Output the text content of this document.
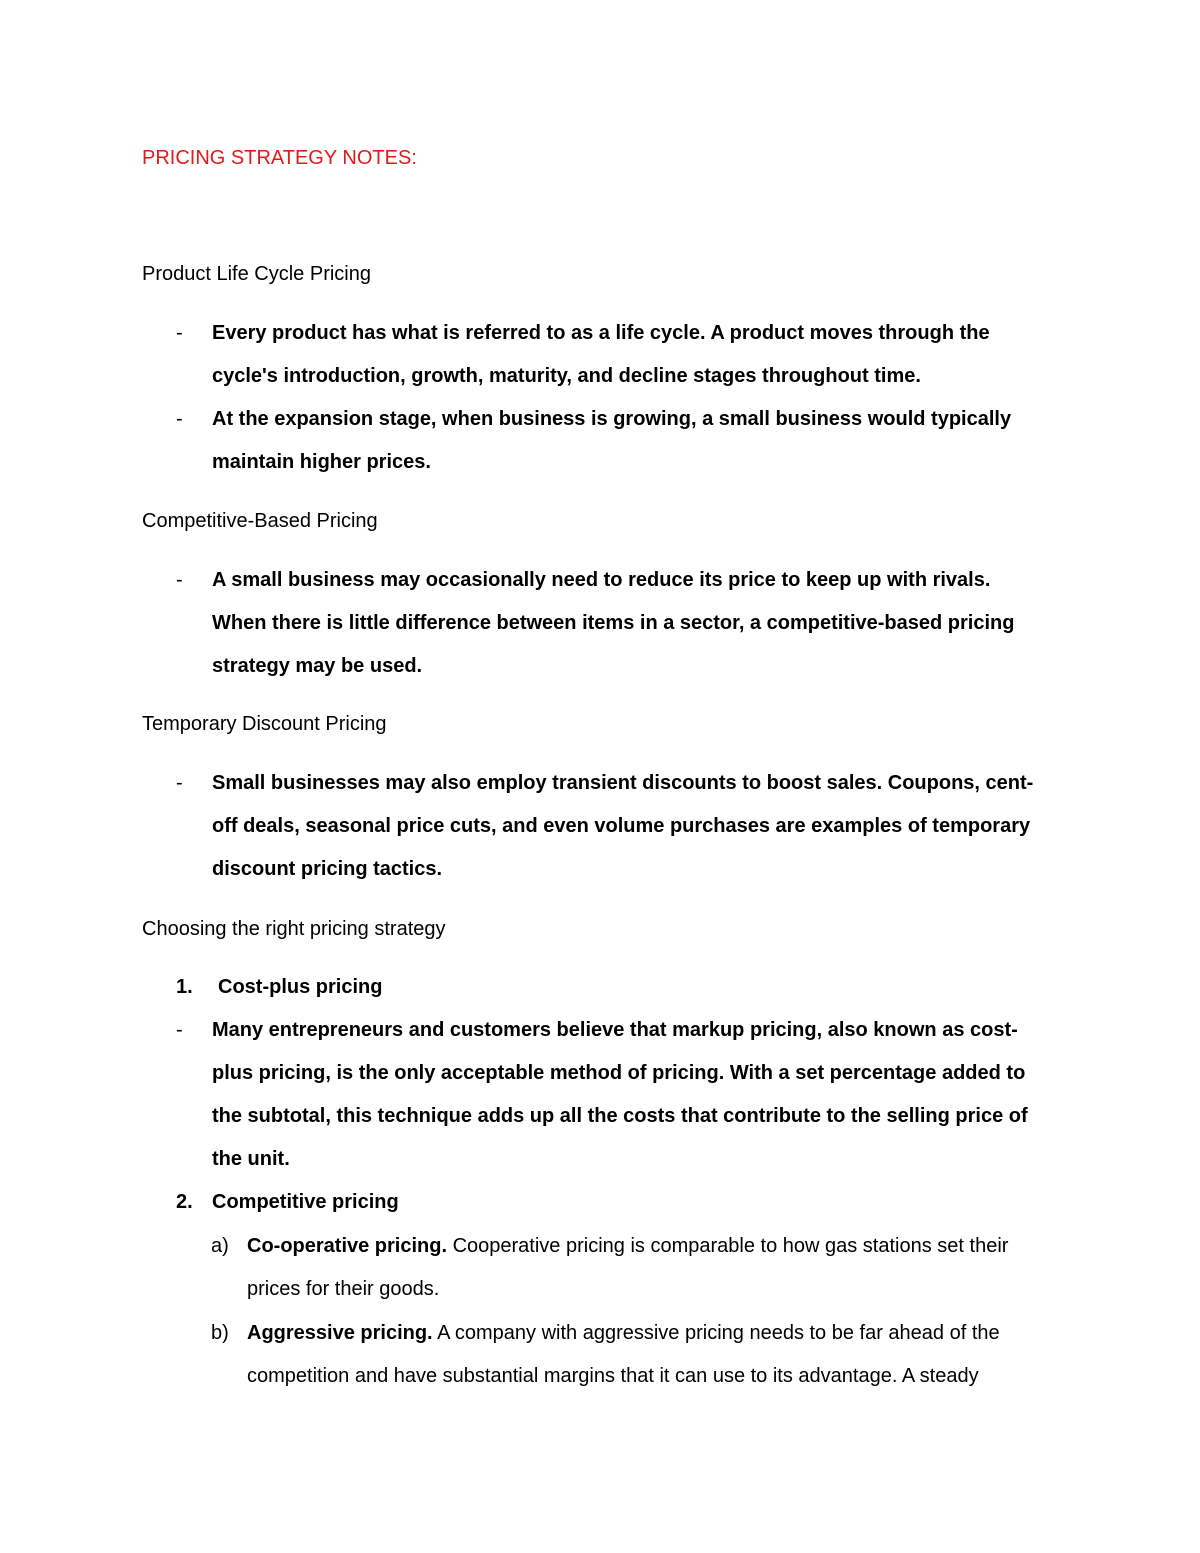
PRICING STRATEGY NOTES:
Product Life Cycle Pricing
- Every product has what is referred to as a life cycle. A product moves through the
cycle's introduction, growth, maturity, and decline stages throughout time.
- At the expansion stage, when business is growing, a small business would typically
maintain higher prices.
Competitive-Based Pricing
- A small business may occasionally need to reduce its price to keep up with rivals.
When there is little difference between items in a sector, a competitive-based pricing
strategy may be used.
Temporary Discount Pricing
- Small businesses may also employ transient discounts to boost sales. Coupons, cent-
off deals, seasonal price cuts, and even volume purchases are examples of temporary
discount pricing tactics.
Choosing the right pricing strategy
1. Cost-plus pricing
- Many entrepreneurs and customers believe that markup pricing, also known as cost-
plus pricing, is the only acceptable method of pricing. With a set percentage added to
the subtotal, this technique adds up all the costs that contribute to the selling price of
the unit.
2. Competitive pricing
a) Co-operative pricing. Cooperative pricing is comparable to how gas stations set their
prices for their goods.
b) Aggressive pricing. A company with aggressive pricing needs to be far ahead of the
competition and have substantial margins that it can use to its advantage. A steady
